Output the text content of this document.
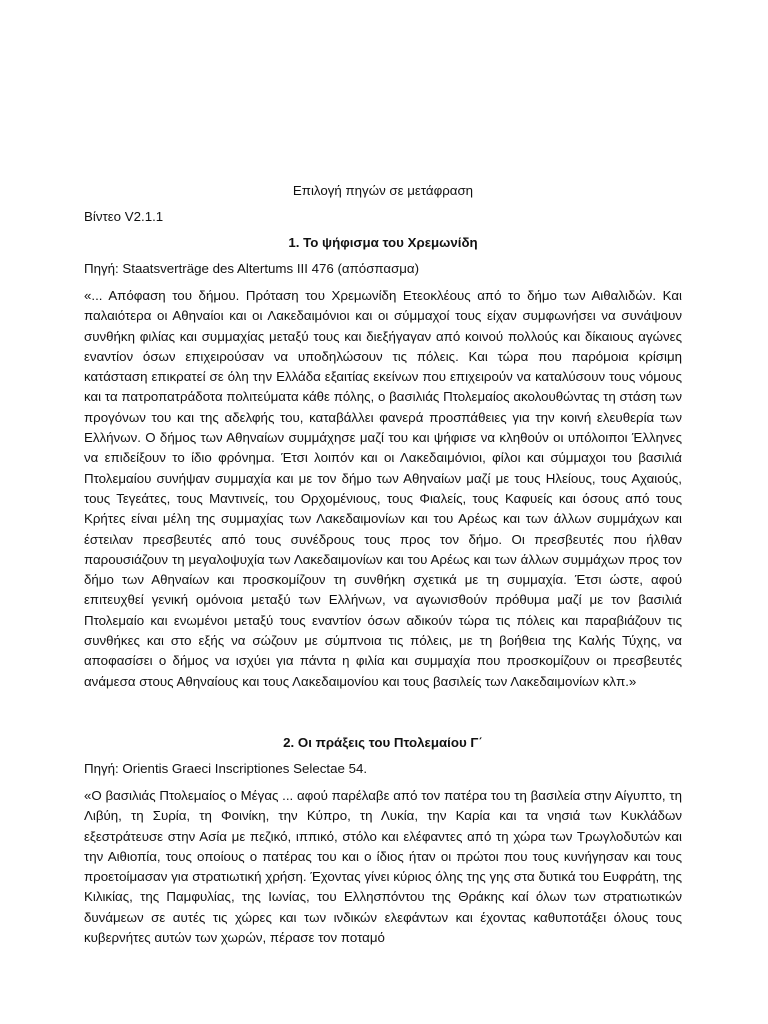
Επιλογή πηγών σε μετάφραση

Βίντεο V2.1.1

1. Το ψήφισμα του Χρεμωνίδη

Πηγή: Staatsverträge des Altertums III 476 (απόσπασμα)

«... Απόφαση του δήμου. Πρόταση του Χρεμωνίδη Ετεοκλέους από το δήμο των Αιθαλιδών. Και παλαιότερα οι Αθηναίοι και οι Λακεδαιμόνιοι και οι σύμμαχοί τους είχαν συμφωνήσει να συνάψουν συνθήκη φιλίας και συμμαχίας μεταξύ τους και διεξήγαγαν από κοινού πολλούς και δίκαιους αγώνες εναντίον όσων επιχειρούσαν να υποδηλώσουν τις πόλεις. Και τώρα που παρόμοια κρίσιμη κατάσταση επικρατεί σε όλη την Ελλάδα εξαιτίας εκείνων που επιχειρούν να καταλύσουν τους νόμους και τα πατροπατράδοτα πολιτεύματα κάθε πόλης, ο βασιλιάς Πτολεμαίος ακολουθώντας τη στάση των προγόνων του και της αδελφής του, καταβάλλει φανερά προσπάθειες για την κοινή ελευθερία των Ελλήνων. Ο δήμος των Αθηναίων συμμάχησε μαζί του και ψήφισε να κληθούν οι υπόλοιποι Έλληνες να επιδείξουν το ίδιο φρόνημα. Έτσι λοιπόν και οι Λακεδαιμόνιοι, φίλοι και σύμμαχοι του βασιλιά Πτολεμαίου συνήψαν συμμαχία και με τον δήμο των Αθηναίων μαζί με τους Ηλείους, τους Αχαιούς, τους Τεγεάτες, τους Μαντινείς, του Ορχομένιους, τους Φιαλείς, τους Καφυείς και όσους από τους Κρήτες είναι μέλη της συμμαχίας των Λακεδαιμονίων και του Αρέως και των άλλων συμμάχων και έστειλαν πρεσβευτές από τους συνέδρους τους προς τον δήμο. Οι πρεσβευτές που ήλθαν παρουσιάζουν τη μεγαλοψυχία των Λακεδαιμονίων και του Αρέως και των άλλων συμμάχων προς τον δήμο των Αθηναίων και προσκομίζουν τη συνθήκη σχετικά με τη συμμαχία. Έτσι ώστε, αφού επιτευχθεί γενική ομόνοια μεταξύ των Ελλήνων, να αγωνισθούν πρόθυμα μαζί με τον βασιλιά Πτολεμαίο και ενωμένοι μεταξύ τους εναντίον όσων αδικούν τώρα τις πόλεις και παραβιάζουν τις συνθήκες και στο εξής να σώζουν με σύμπνοια τις πόλεις, με τη βοήθεια της Καλής Τύχης, να αποφασίσει ο δήμος να ισχύει για πάντα η φιλία και συμμαχία που προσκομίζουν οι πρεσβευτές ανάμεσα στους Αθηναίους και τους Λακεδαιμονίου και τους βασιλείς των Λακεδαιμονίων κλπ.»

2. Οι πράξεις του Πτολεμαίου Γ΄

Πηγή: Orientis Graeci Inscriptiones Selectae 54.

«Ο βασιλιάς Πτολεμαίος ο Μέγας ... αφού παρέλαβε από τον πατέρα του τη βασιλεία στην Αίγυπτο, τη Λιβύη, τη Συρία, τη Φοινίκη, την Κύπρο, τη Λυκία, την Καρία και τα νησιά των Κυκλάδων εξεστράτευσε στην Ασία με πεζικό, ιππικό, στόλο και ελέφαντες από τη χώρα των Τρωγλοδυτών και την Αιθιοπία, τους οποίους ο πατέρας του και ο ίδιος ήταν οι πρώτοι που τους κυνήγησαν και τους προετοίμασαν για στρατιωτική χρήση. Έχοντας γίνει κύριος όλης της γης στα δυτικά του Ευφράτη, της Κιλικίας, της Παμφυλίας, της Ιωνίας, του Ελλησπόντου της Θράκης καί όλων των στρατιωτικών δυνάμεων σε αυτές τις χώρες και των ινδικών ελεφάντων και έχοντας καθυποτάξει όλους τους κυβερνήτες αυτών των χωρών, πέρασε τον ποταμό
